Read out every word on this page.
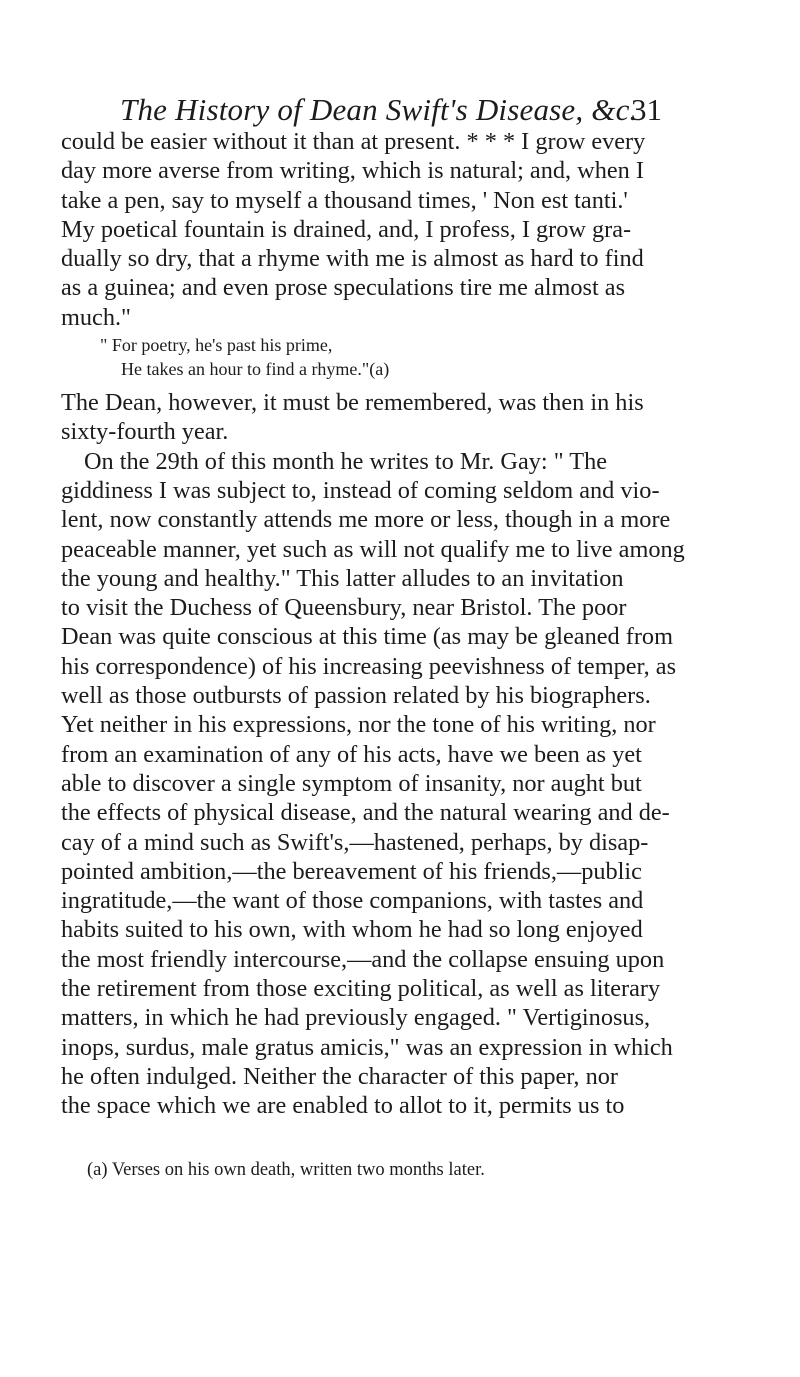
The History of Dean Swift's Disease, &c.
31
could be easier without it than at present. * * * I grow every
day more averse from writing, which is natural; and, when I
take a pen, say to myself a thousand times, ' Non est tanti.'
My poetical fountain is drained, and, I profess, I grow gra-
dually so dry, that a rhyme with me is almost as hard to find
as a guinea; and even prose speculations tire me almost as
much."
" For poetry, he's past his prime,
He takes an hour to find a rhyme."(a)
The Dean, however, it must be remembered, was then in his
sixty-fourth year.
On the 29th of this month he writes to Mr. Gay: " The
giddiness I was subject to, instead of coming seldom and vio-
lent, now constantly attends me more or less, though in a more
peaceable manner, yet such as will not qualify me to live among
the young and healthy." This latter alludes to an invitation
to visit the Duchess of Queensbury, near Bristol. The poor
Dean was quite conscious at this time (as may be gleaned from
his correspondence) of his increasing peevishness of temper, as
well as those outbursts of passion related by his biographers.
Yet neither in his expressions, nor the tone of his writing, nor
from an examination of any of his acts, have we been as yet
able to discover a single symptom of insanity, nor aught but
the effects of physical disease, and the natural wearing and de-
cay of a mind such as Swift's,—hastened, perhaps, by disap-
pointed ambition,—the bereavement of his friends,—public
ingratitude,—the want of those companions, with tastes and
habits suited to his own, with whom he had so long enjoyed
the most friendly intercourse,—and the collapse ensuing upon
the retirement from those exciting political, as well as literary
matters, in which he had previously engaged. " Vertiginosus,
inops, surdus, male gratus amicis," was an expression in which
he often indulged. Neither the character of this paper, nor
the space which we are enabled to allot to it, permits us to
(a) Verses on his own death, written two months later.
